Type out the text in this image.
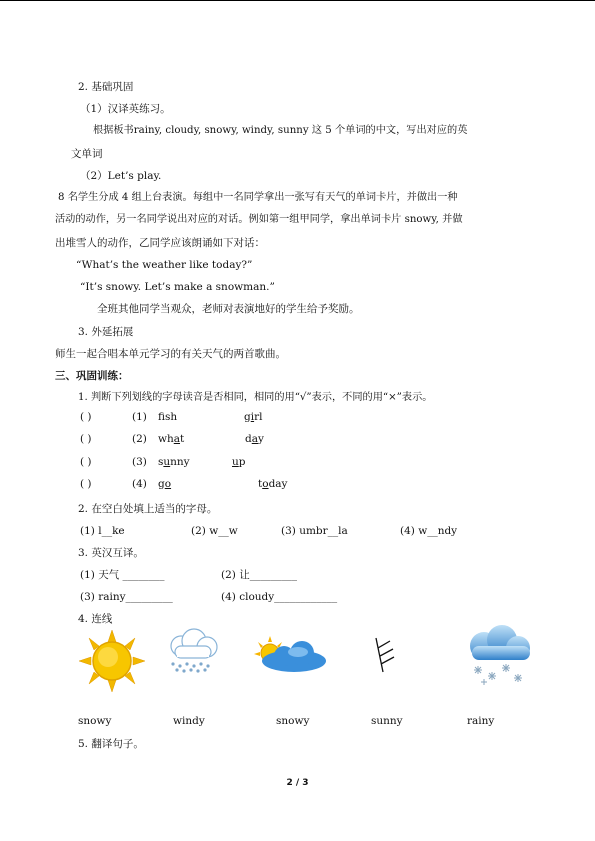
2. 基础巩固
（1）汉译英练习。
根据板书rainy, cloudy, snowy, windy, sunny 这 5 个单词的中文，写出对应的英
文单词
（2）Let’s play.
8 名学生分成 4 组上台表演。每组中一名同学拿出一张写有天气的单词卡片，并做出一种
活动的动作，另一名同学说出对应的对话。例如第一组甲同学，拿出单词卡片 snowy, 并做
出堆雪人的动作，乙同学应该朗诵如下对话：
“What’s the weather like today?”
“It’s snowy. Let’s make a snowman.”
全班其他同学当观众，老师对表演地好的学生给予奖励。
3. 外延拓展
师生一起合唱本单元学习的有关天气的两首歌曲。
三、巩固训练：
1. 判断下列划线的字母读音是否相同，相同的用“√”表示，不同的用“×”表示。
( )	(1) fsh	girl
( )	(2) what	day
( )	(3) sunny	up
( )	(4) go	today
2. 在空白处填上适当的字母。
(1) l__ke	(2) w__w	(3) umbr__la	(4) w__ndy
3. 英汉互译。
(1) 天气 ________	(2) 让_________
(3) rainy_________	(4) cloudy____________
4. 连线
snowy	windy	snowy	sunny	rainy
5. 翻译句子。
2 / 3
